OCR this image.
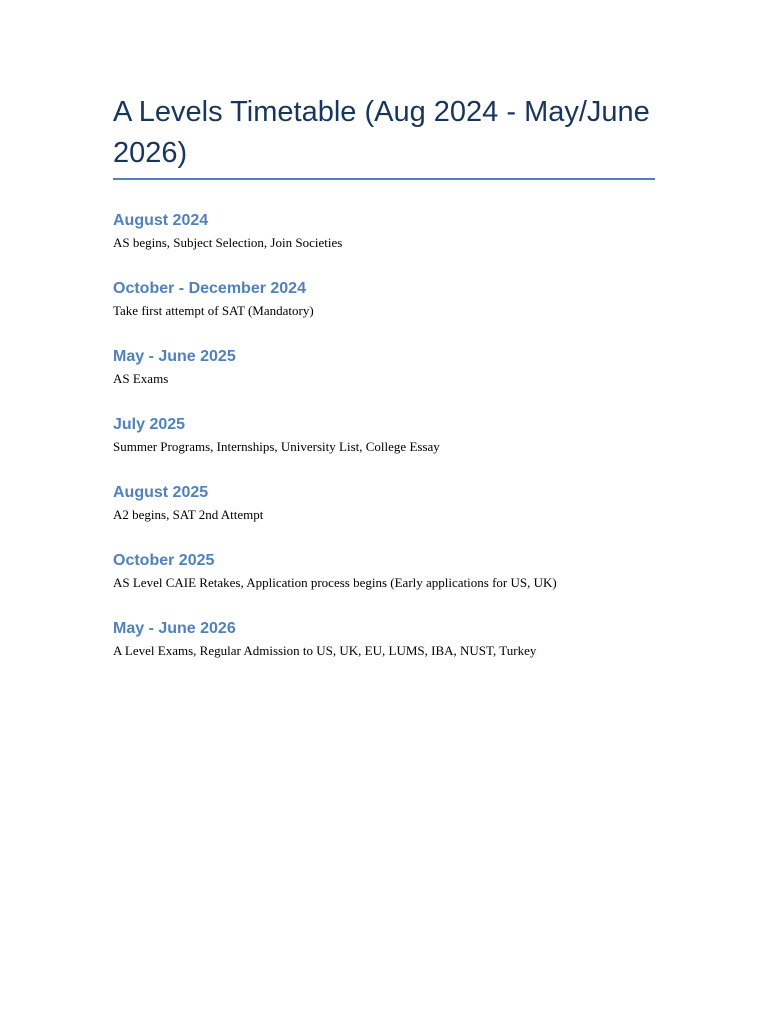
A Levels Timetable (Aug 2024 - May/June 2026)
August 2024
AS begins, Subject Selection, Join Societies
October - December 2024
Take first attempt of SAT (Mandatory)
May - June 2025
AS Exams
July 2025
Summer Programs, Internships, University List, College Essay
August 2025
A2 begins, SAT 2nd Attempt
October 2025
AS Level CAIE Retakes, Application process begins (Early applications for US, UK)
May - June 2026
A Level Exams, Regular Admission to US, UK, EU, LUMS, IBA, NUST, Turkey
